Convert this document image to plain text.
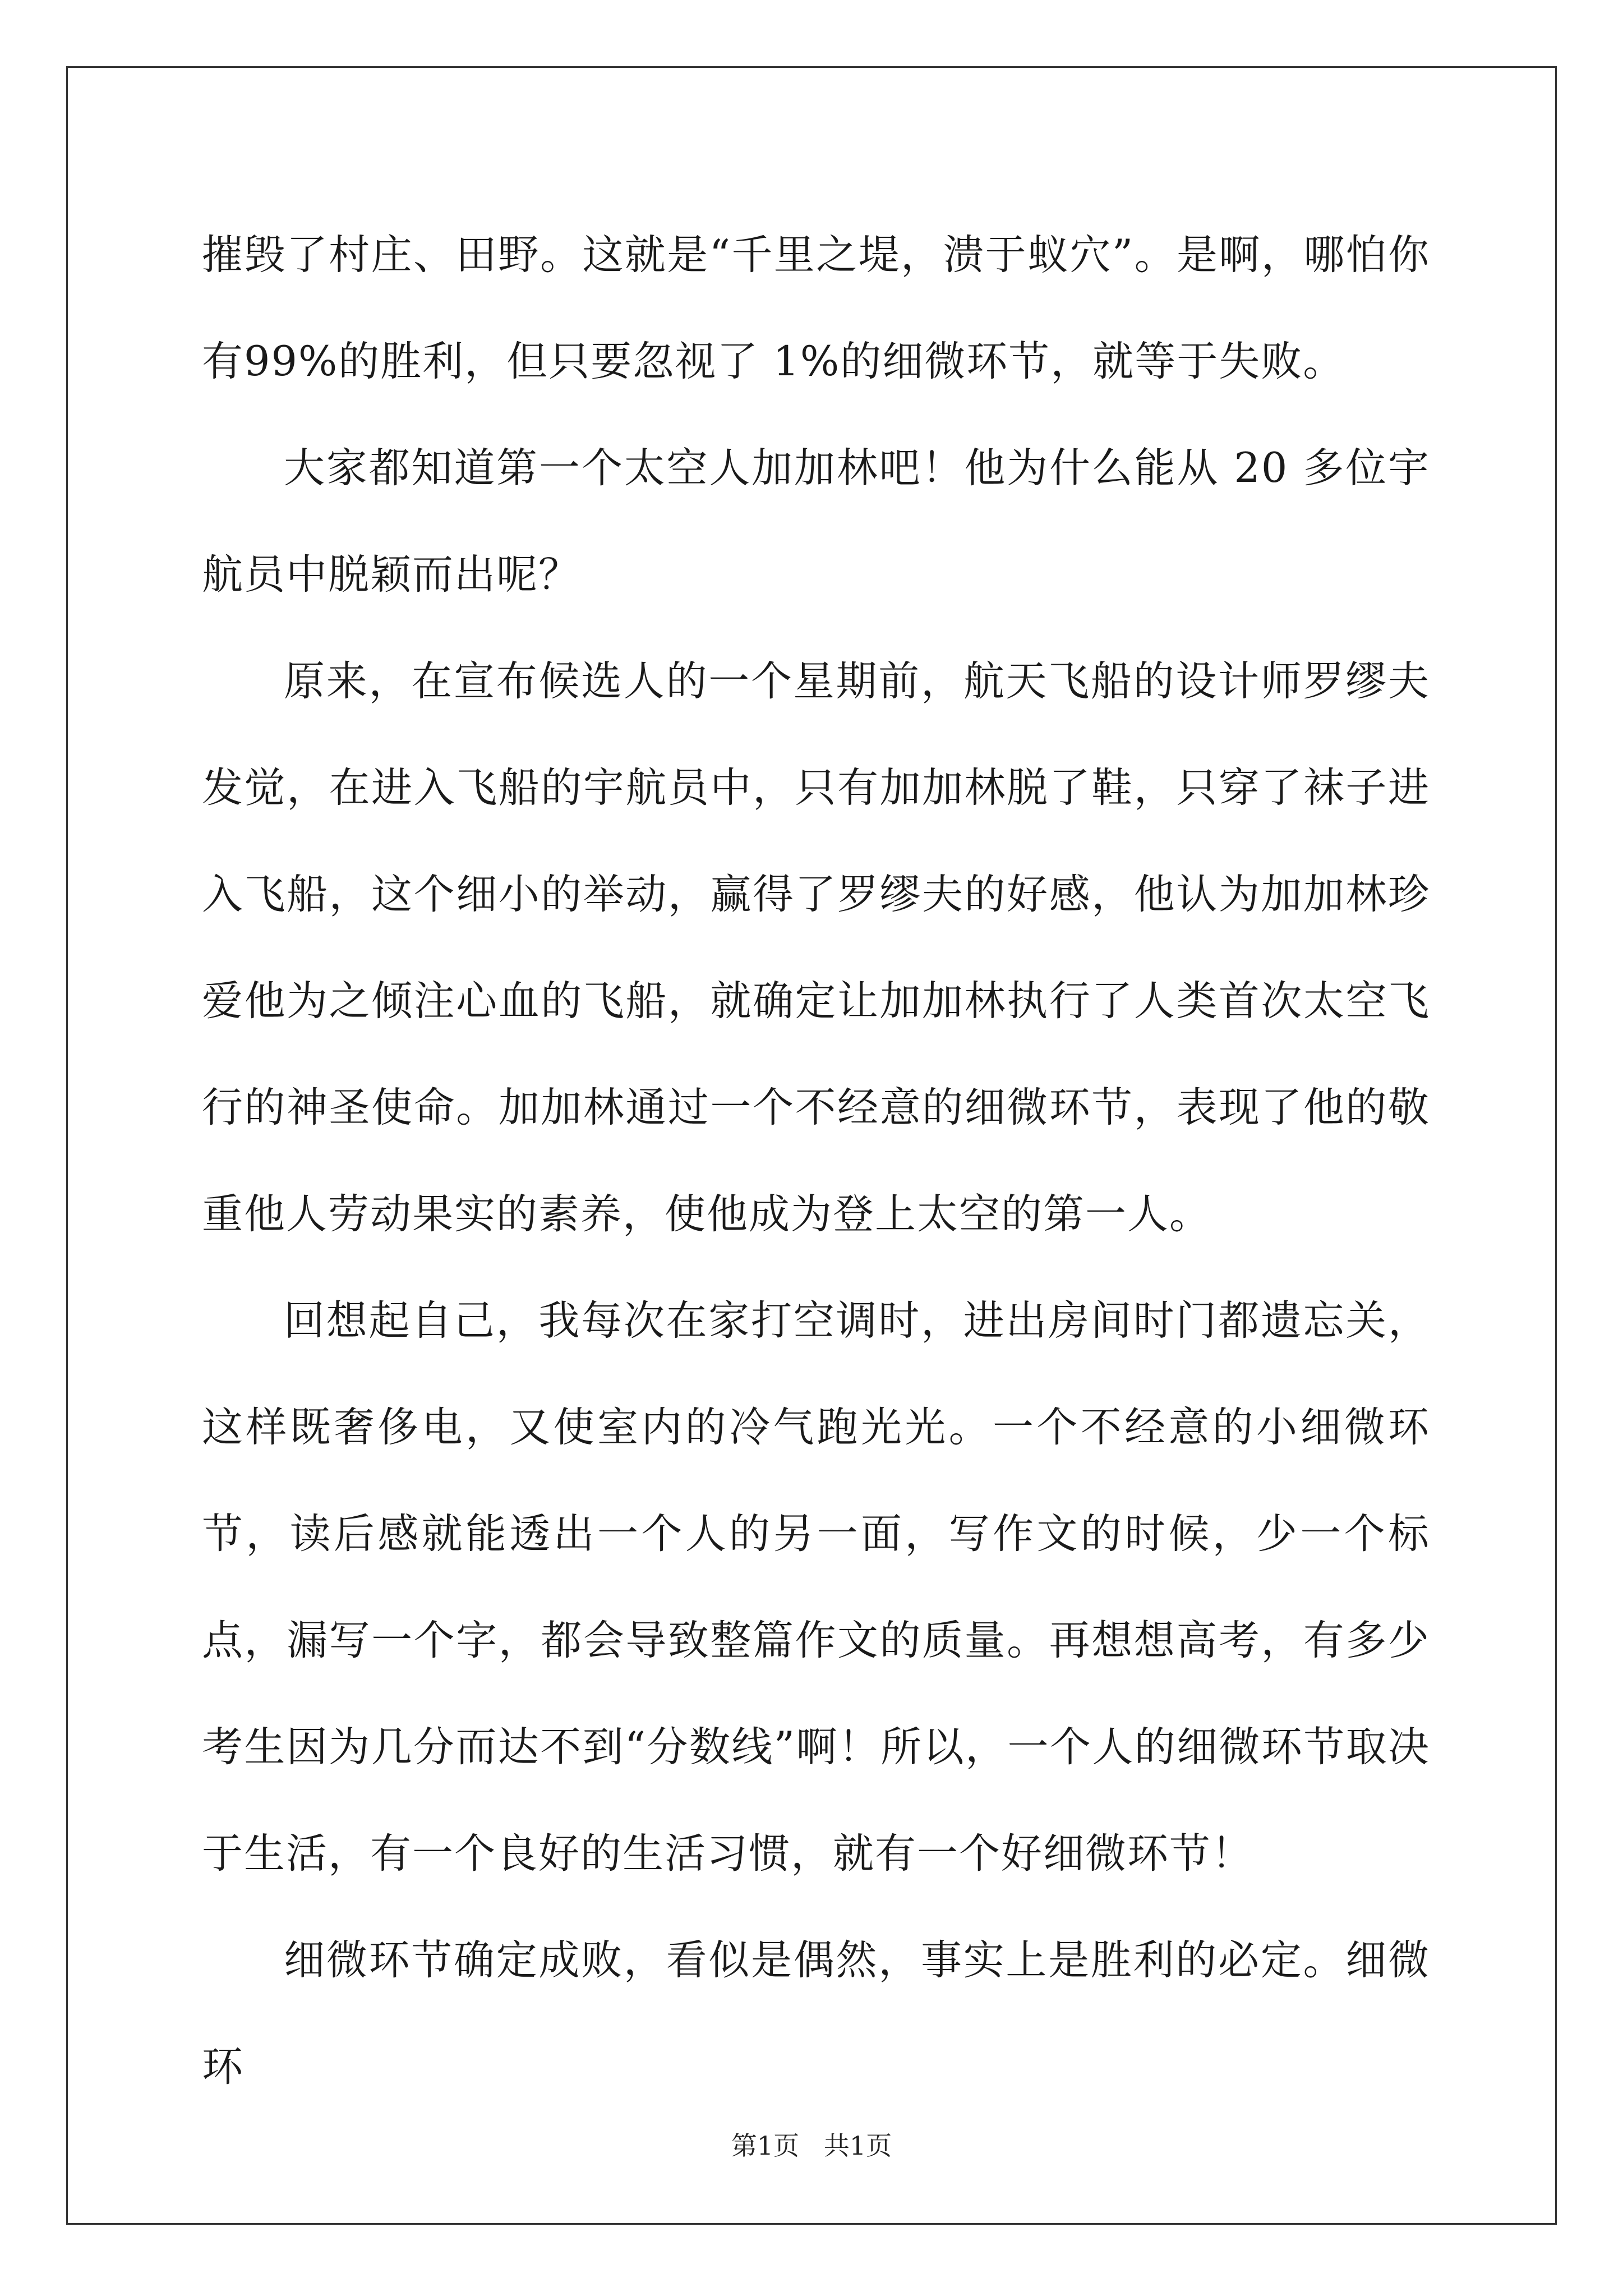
摧毁了村庄、田野。这就是“千里之堤，溃于蚁穴”。是啊，哪怕你有99%的胜利，但只要忽视了 1%的细微环节，就等于失败。

大家都知道第一个太空人加加林吧！他为什么能从 20 多位宇航员中脱颖而出呢？

原来，在宣布候选人的一个星期前，航天飞船的设计师罗缪夫发觉，在进入飞船的宇航员中，只有加加林脱了鞋，只穿了袜子进入飞船，这个细小的举动，赢得了罗缪夫的好感，他认为加加林珍爱他为之倾注心血的飞船，就确定让加加林执行了人类首次太空飞行的神圣使命。加加林通过一个不经意的细微环节，表现了他的敬重他人劳动果实的素养，使他成为登上太空的第一人。

回想起自己，我每次在家打空调时，进出房间时门都遗忘关，这样既奢侈电，又使室内的冷气跑光光。一个不经意的小细微环节，读后感就能透出一个人的另一面，写作文的时候，少一个标点，漏写一个字，都会导致整篇作文的质量。再想想高考，有多少考生因为几分而达不到“分数线”啊！所以，一个人的细微环节取决于生活，有一个良好的生活习惯，就有一个好细微环节！

细微环节确定成败，看似是偶然，事实上是胜利的必定。细微环

第1页   共1页
